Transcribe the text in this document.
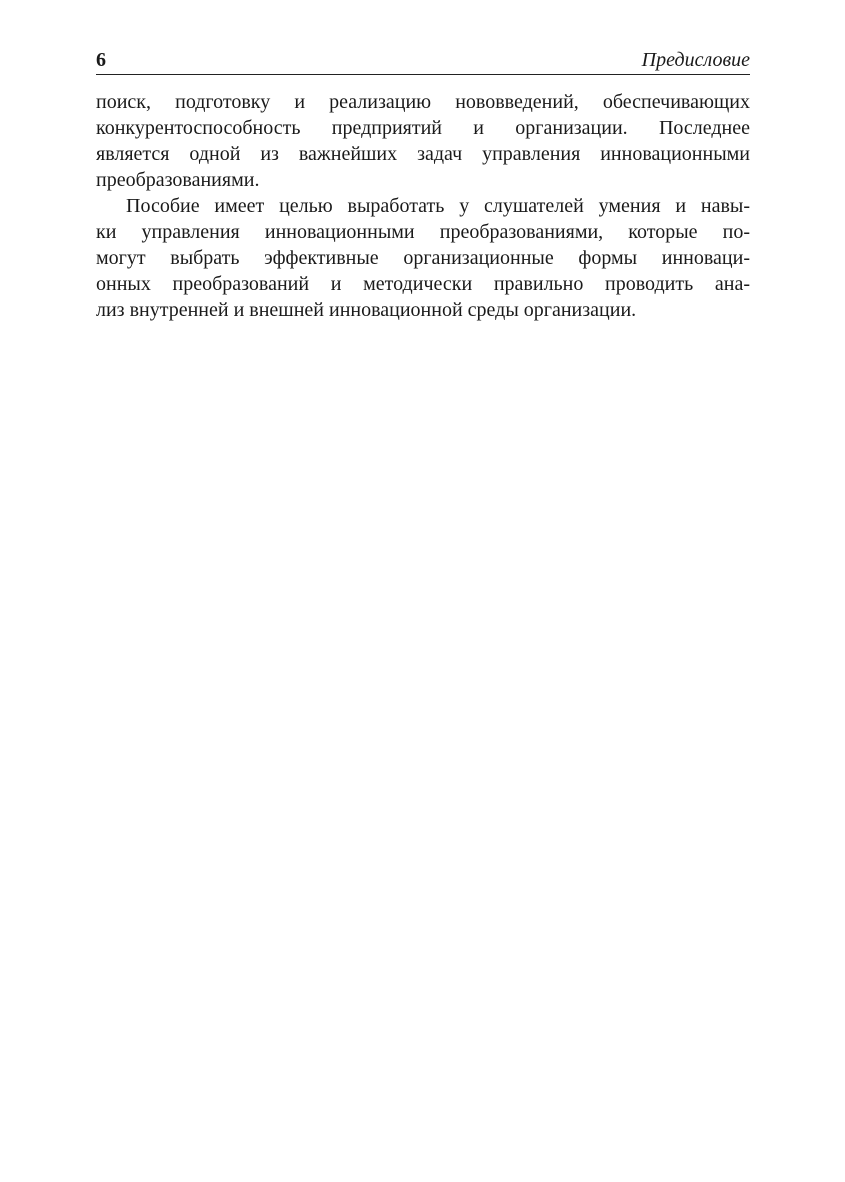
6	Предисловие

поиск, подготовку и реализацию нововведений, обеспечивающих
конкурентоспособность предприятий и организации. Последнее
является одной из важнейших задач управления инновационными
преобразованиями.

Пособие имеет целью выработать у слушателей умения и навы-
ки управления инновационными преобразованиями, которые по-
могут выбрать эффективные организационные формы инноваци-
онных преобразований и методически правильно проводить ана-
лиз внутренней и внешней инновационной среды организации.
